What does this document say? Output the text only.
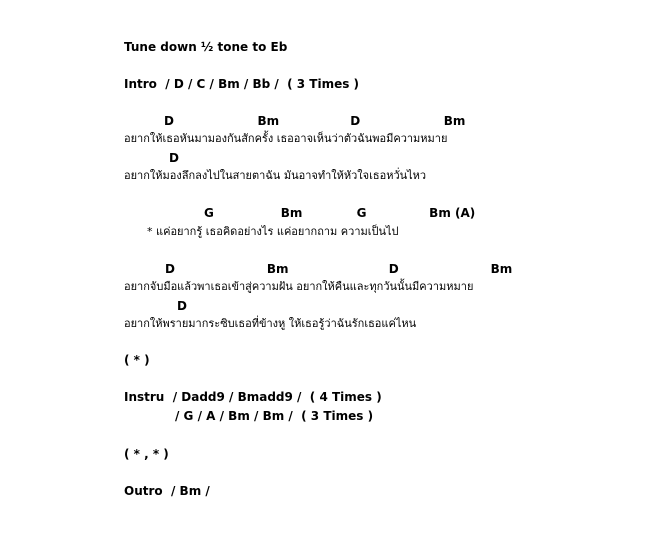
Tune down ½ tone to Eb
Intro  / D / C / Bm / Bb /  ( 3 Times )
D                    Bm                 D                    Bm
อยากให้เธอหันมามองกันสักครั้ง เธออาจเห็นว่าตัวฉันพอมีความหมาย
D
อยากให้มองลึกลงไปในสายตาฉัน มันอาจทำให้หัวใจเธอหวั่นไหว
G                Bm             G               Bm (A)
* แค่อยากรู้ เธอคิดอย่างไร แค่อยากถาม ความเป็นไป
D                      Bm                        D                      Bm
อยากจับมือแล้วพาเธอเข้าสู่ความฝัน อยากให้คืนและทุกวันนั้นมีความหมาย
D
อยากให้พรายมากระซิบเธอที่ข้างหู ให้เธอรู้ว่าฉันรักเธอแค่ไหน
( * )
Instru  / Dadd9 / Bmadd9 /  ( 4 Times )
/ G / A / Bm / Bm /  ( 3 Times )
( * , * )
Outro  / Bm /
